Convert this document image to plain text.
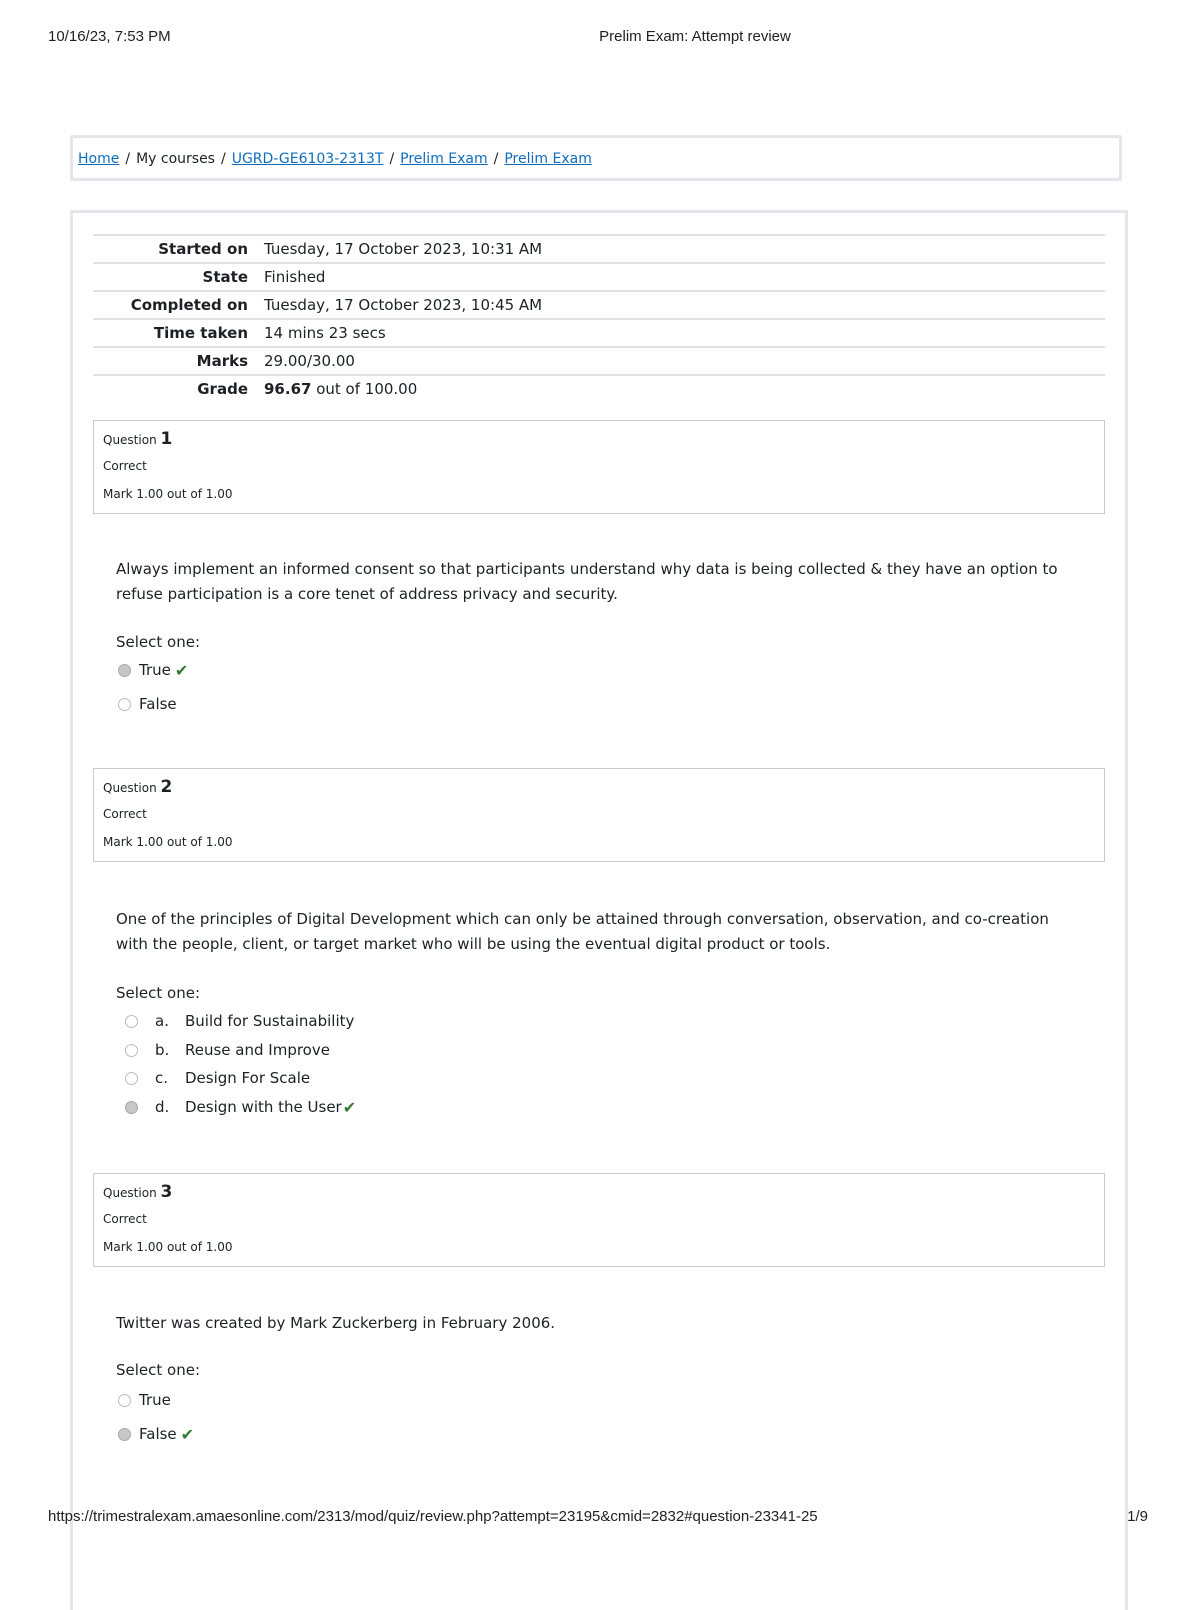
10/16/23, 7:53 PM	Prelim Exam: Attempt review
Home / My courses / UGRD-GE6103-2313T / Prelim Exam / Prelim Exam
Started on	Tuesday, 17 October 2023, 10:31 AM
State	Finished
Completed on	Tuesday, 17 October 2023, 10:45 AM
Time taken	14 mins 23 secs
Marks	29.00/30.00
Grade	96.67 out of 100.00
Question 1
Correct
Mark 1.00 out of 1.00
Always implement an informed consent so that participants understand why data is being collected & they have an option to refuse participation is a core tenet of address privacy and security.
Select one:
True ✔
False
Question 2
Correct
Mark 1.00 out of 1.00
One of the principles of Digital Development which can only be attained through conversation, observation, and co-creation with the people, client, or target market who will be using the eventual digital product or tools.
Select one:
a.	Build for Sustainability
b.	Reuse and Improve
c.	Design For Scale
d.	Design with the User ✔
Question 3
Correct
Mark 1.00 out of 1.00
Twitter was created by Mark Zuckerberg in February 2006.
Select one:
True
False ✔
https://trimestralexam.amaesonline.com/2313/mod/quiz/review.php?attempt=23195&cmid=2832#question-23341-25	1/9
